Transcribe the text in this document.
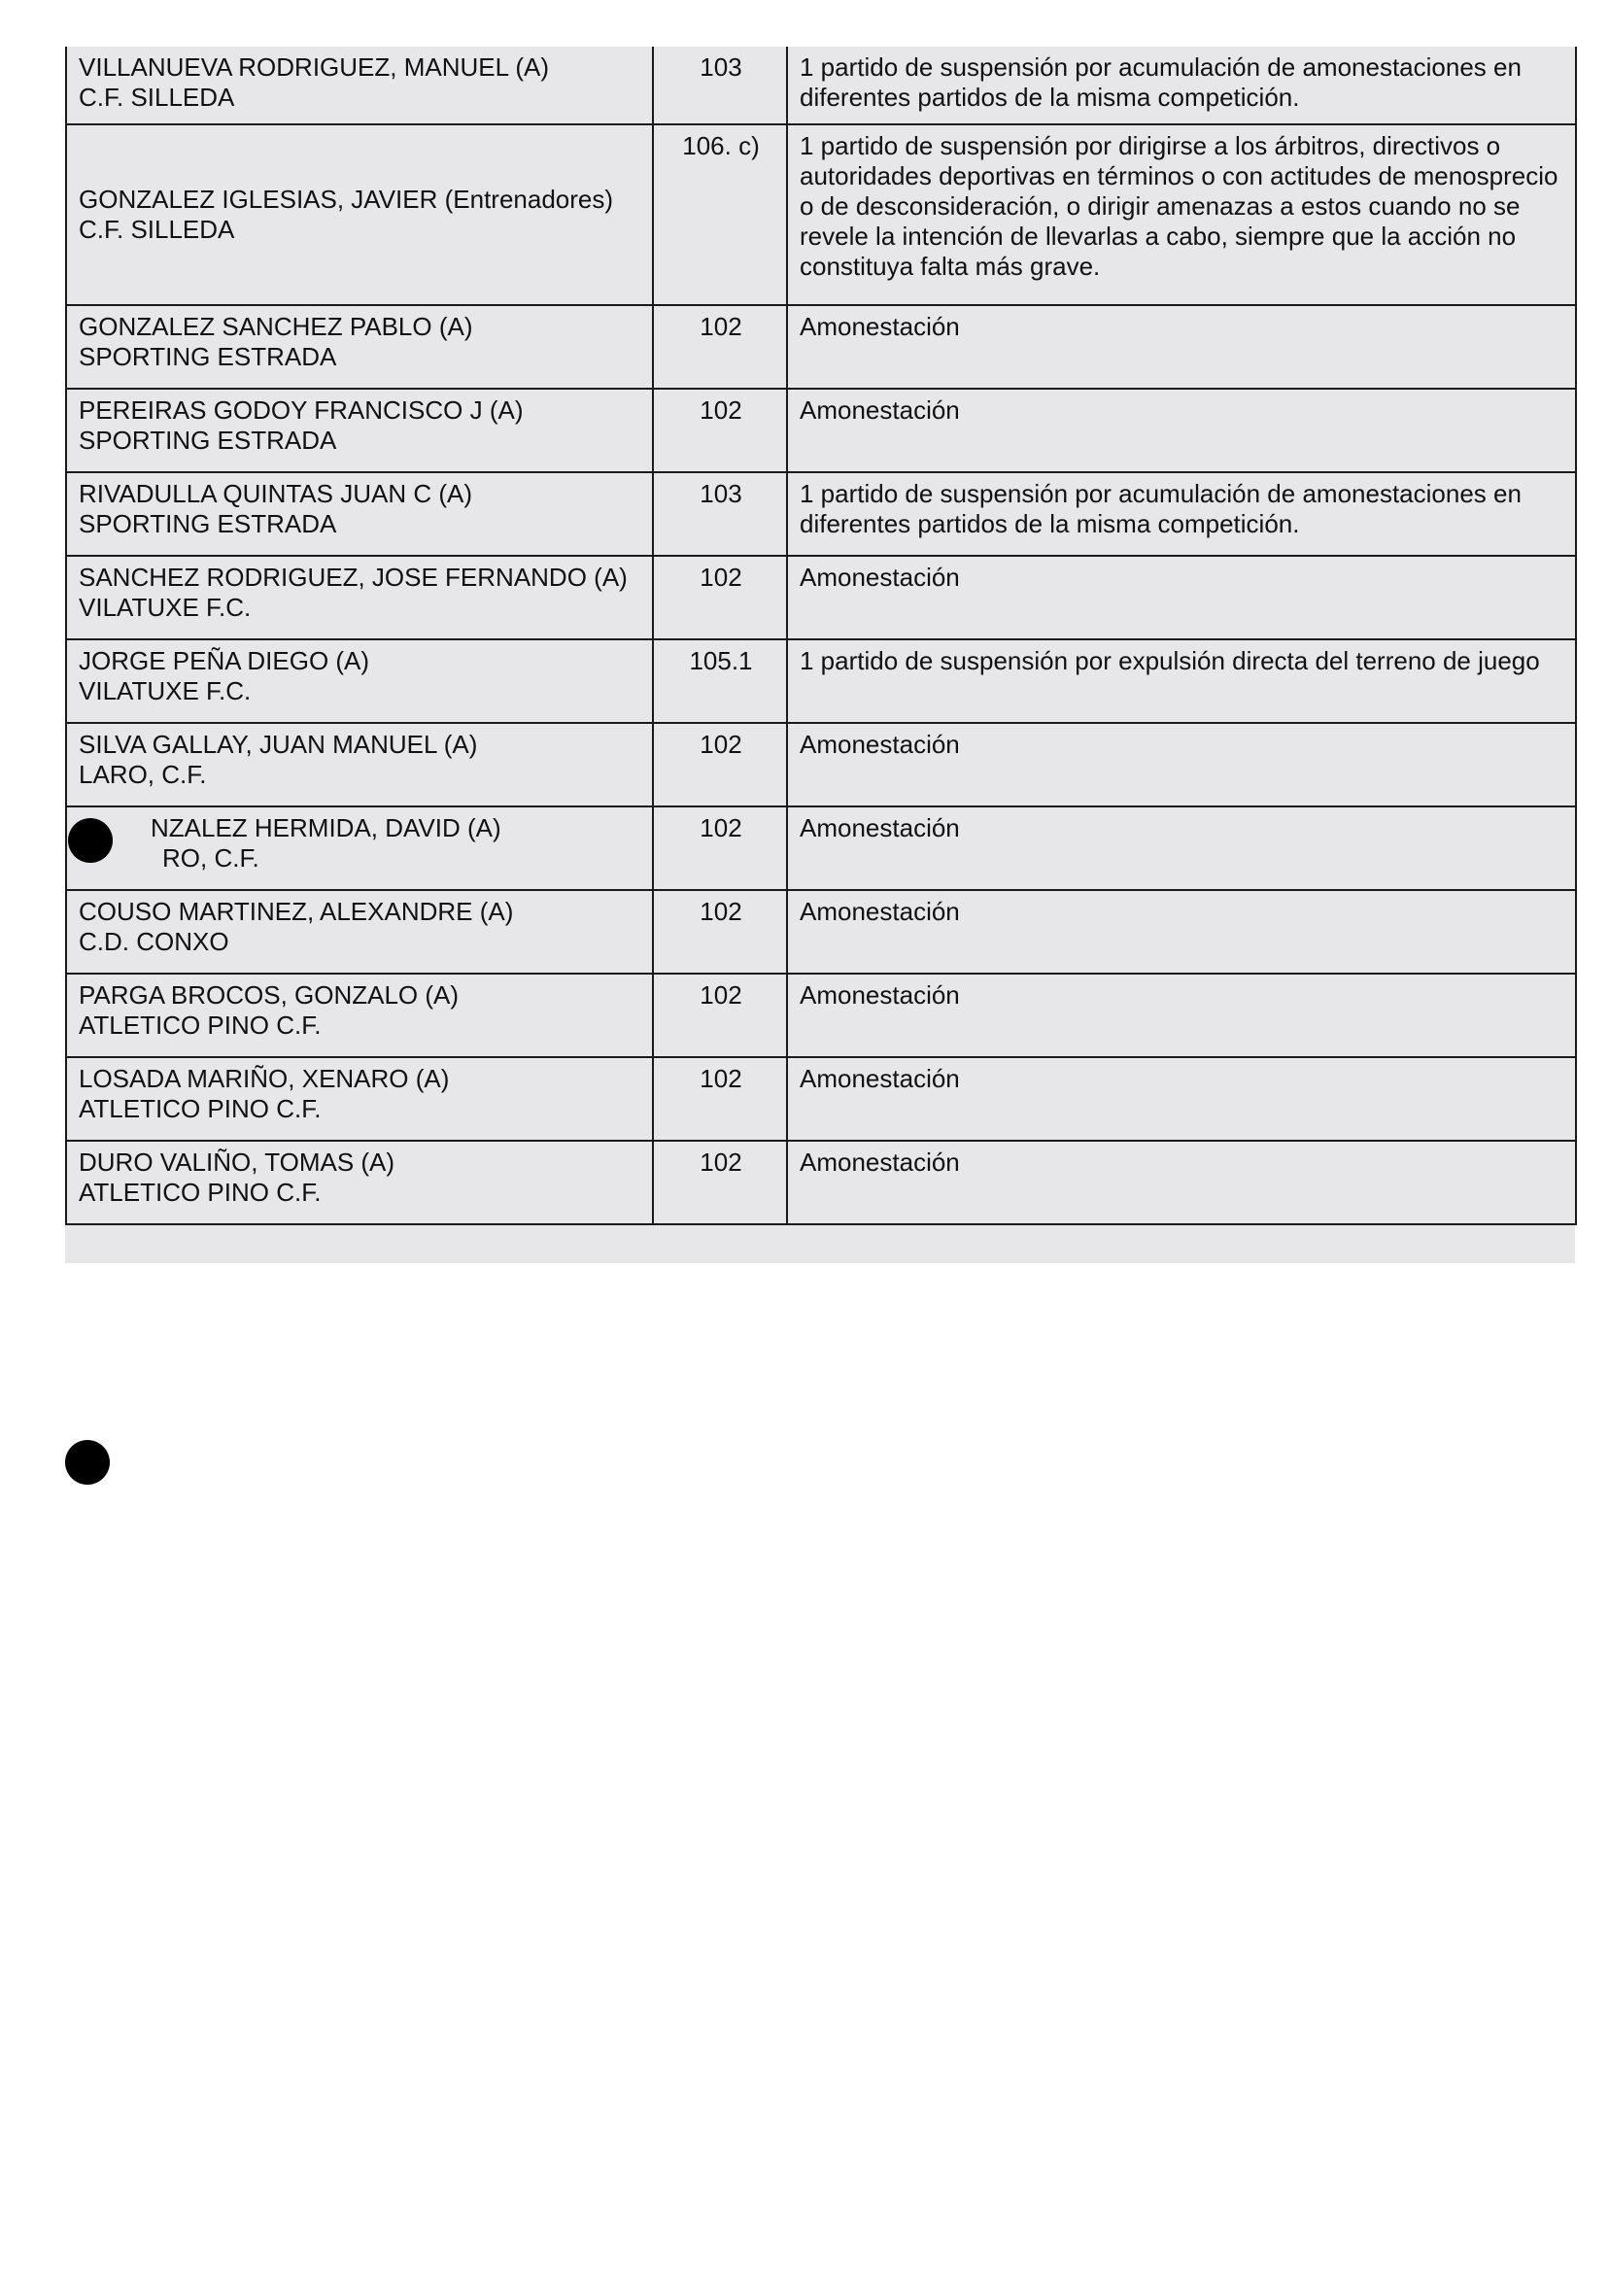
VILLANUEVA RODRIGUEZ, MANUEL (A)
C.F. SILLEDA	103	1 partido de suspensión por acumulación de amonestaciones en diferentes partidos de la misma competición.

GONZALEZ IGLESIAS, JAVIER (Entrenadores)
C.F. SILLEDA	106. c)	1 partido de suspensión por dirigirse a los árbitros, directivos o autoridades deportivas en términos o con actitudes de menosprecio o de desconsideración, o dirigir amenazas a estos cuando no se revele la intención de llevarlas a cabo, siempre que la acción no constituya falta más grave.

GONZALEZ SANCHEZ PABLO (A)
SPORTING ESTRADA	102	Amonestación

PEREIRAS GODOY FRANCISCO J (A)
SPORTING ESTRADA	102	Amonestación

RIVADULLA QUINTAS JUAN C (A)
SPORTING ESTRADA	103	1 partido de suspensión por acumulación de amonestaciones en diferentes partidos de la misma competición.

SANCHEZ RODRIGUEZ, JOSE FERNANDO (A)
VILATUXE F.C.	102	Amonestación

JORGE PEÑA DIEGO (A)
VILATUXE F.C.	105.1	1 partido de suspensión por expulsión directa del terreno de juego

SILVA GALLAY, JUAN MANUEL (A)
LARO, C.F.	102	Amonestación

NZALEZ HERMIDA, DAVID (A)
RO, C.F.	102	Amonestación

COUSO MARTINEZ, ALEXANDRE (A)
C.D. CONXO	102	Amonestación

PARGA BROCOS, GONZALO (A)
ATLETICO PINO C.F.	102	Amonestación

LOSADA MARIÑO, XENARO (A)
ATLETICO PINO C.F.	102	Amonestación

DURO VALIÑO, TOMAS (A)
ATLETICO PINO C.F.	102	Amonestación
